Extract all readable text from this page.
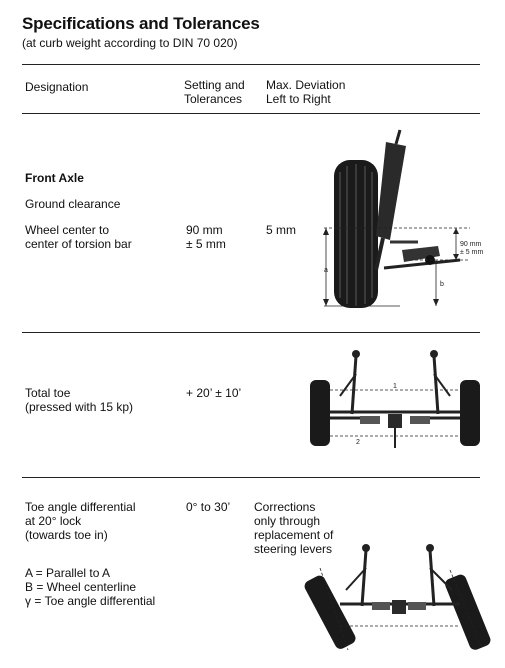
Specifications and Tolerances
(at curb weight according to DIN 70 020)
Designation	Setting and
Tolerances
Max. Deviation
Left to Right
Front Axle
Ground clearance
Wheel center to
center of torsion bar
90 mm
± 5 mm
5 mm
a
b
90 mm
± 5 mm
Total toe
(pressed with 15 kp)
+ 20’ ± 10’	1
2
Toe angle differential
at 20° lock
(towards toe in)
0° to 30’ Corrections
only through
replacement of
steering levers
A = Parallel to A
B = Wheel centerline
γ = Toe angle differential
